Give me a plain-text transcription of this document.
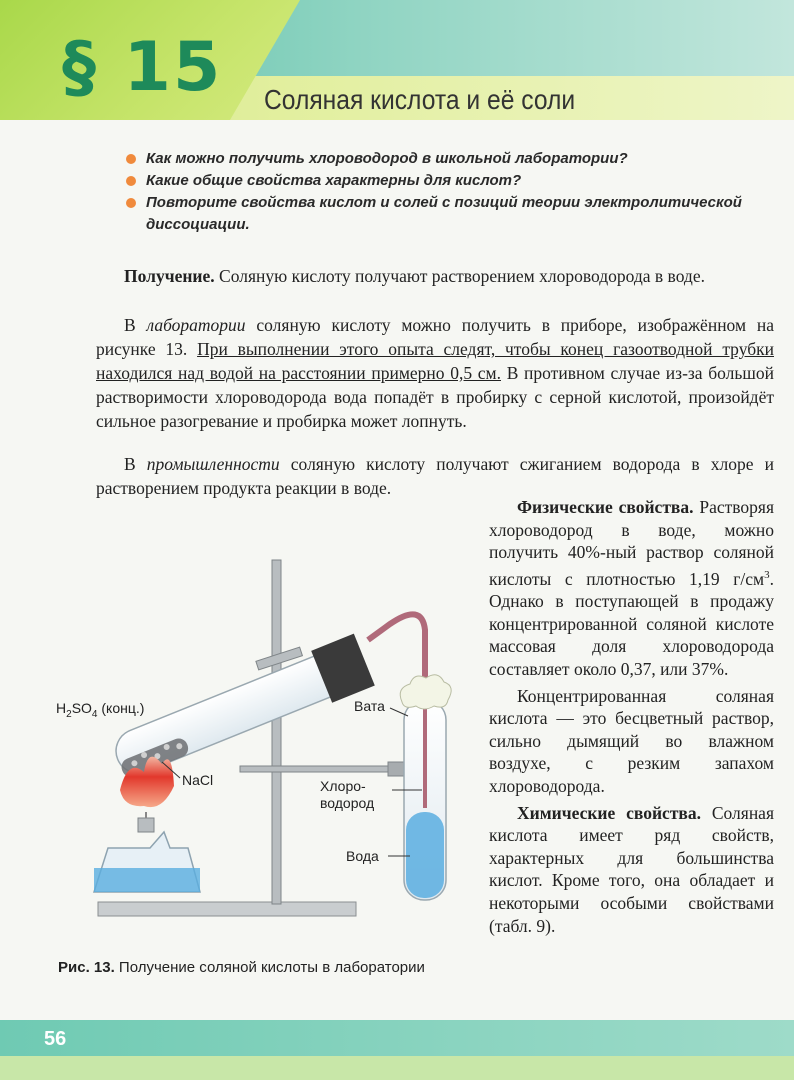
§ 15 Соляная кислота и её соли
Как можно получить хлороводород в школьной лаборатории?
Какие общие свойства характерны для кислот?
Повторите свойства кислот и солей с позиций теории электролитической диссоциации.
Получение. Соляную кислоту получают растворением хлороводорода в воде.
В лаборатории соляную кислоту можно получить в приборе, изображённом на рисунке 13. При выполнении этого опыта следят, чтобы конец газоотводной трубки находился над водой на расстоянии примерно 0,5 см. В противном случае из-за большой растворимости хлороводорода вода попадёт в пробирку с серной кислотой, произойдёт сильное разогревание и пробирка может лопнуть.
В промышленности соляную кислоту получают сжиганием водорода в хлоре и растворением продукта реакции в воде.

Физические свойства. Растворяя хлороводород в воде, можно получить 40%-ный раствор соляной кислоты с плотностью 1,19 $г/см^3$. Однако в поступающей в продажу концентрированной соляной кислоте массовая доля хлороводорода составляет около 0,37, или 37%.

Концентрированная соляная кислота — это бесцветный раствор, сильно дымящий во влажном воздухе, с резким запахом хлороводорода.

Химические свойства. Соляная кислота имеет ряд свойств, характерных для большинства кислот. Кроме того, она обладает и некоторыми особыми свойствами (табл. 9).

$H_2SO_4$ (конц.)
NaCl
Вата
Хлоро-
водород
Вода
Рис. 13. Получение соляной кислоты в лаборатории
56
